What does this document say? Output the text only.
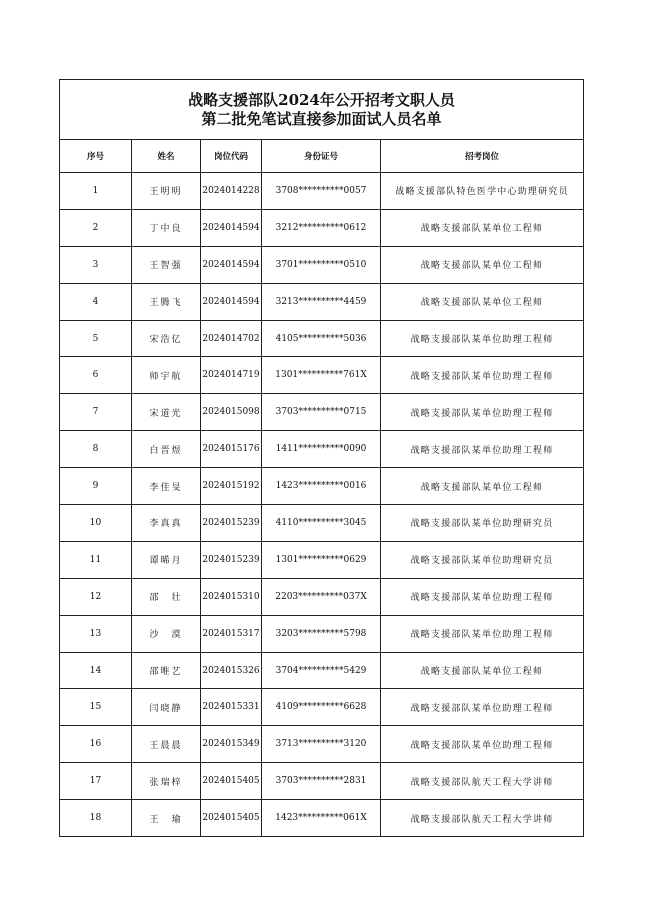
战略支援部队2024年公开招考文职人员
第二批免笔试直接参加面试人员名单				

序号	姓名	岗位代码	身份证号	招考岗位
1	王明明	2024014228	3708**********0057	战略支援部队特色医学中心助理研究员
2	丁中良	2024014594	3212**********0612	战略支援部队某单位工程师
3	王智强	2024014594	3701**********0510	战略支援部队某单位工程师
4	王腾飞	2024014594	3213**********4459	战略支援部队某单位工程师
5	宋浩亿	2024014702	4105**********5036	战略支援部队某单位助理工程师
6	师宇航	2024014719	1301**********761X	战略支援部队某单位助理工程师
7	宋道光	2024015098	3703**********0715	战略支援部队某单位助理工程师
8	白晋煜	2024015176	1411**********0090	战略支援部队某单位助理工程师
9	李佳旻	2024015192	1423**********0016	战略支援部队某单位工程师
10	李真真	2024015239	4110**********3045	战略支援部队某单位助理研究员
11	谭晞月	2024015239	1301**********0629	战略支援部队某单位助理研究员
12	邵　壮	2024015310	2203**********037X	战略支援部队某单位助理工程师
13	沙　漠	2024015317	3203**********5798	战略支援部队某单位助理工程师
14	邵唯艺	2024015326	3704**********5429	战略支援部队某单位工程师
15	闫晓静	2024015331	4109**********6628	战略支援部队某单位助理工程师
16	王晨晨	2024015349	3713**********3120	战略支援部队某单位助理工程师
17	张瑞梓	2024015405	3703**********2831	战略支援部队航天工程大学讲师
18	王　瑜	2024015405	1423**********061X	战略支援部队航天工程大学讲师
